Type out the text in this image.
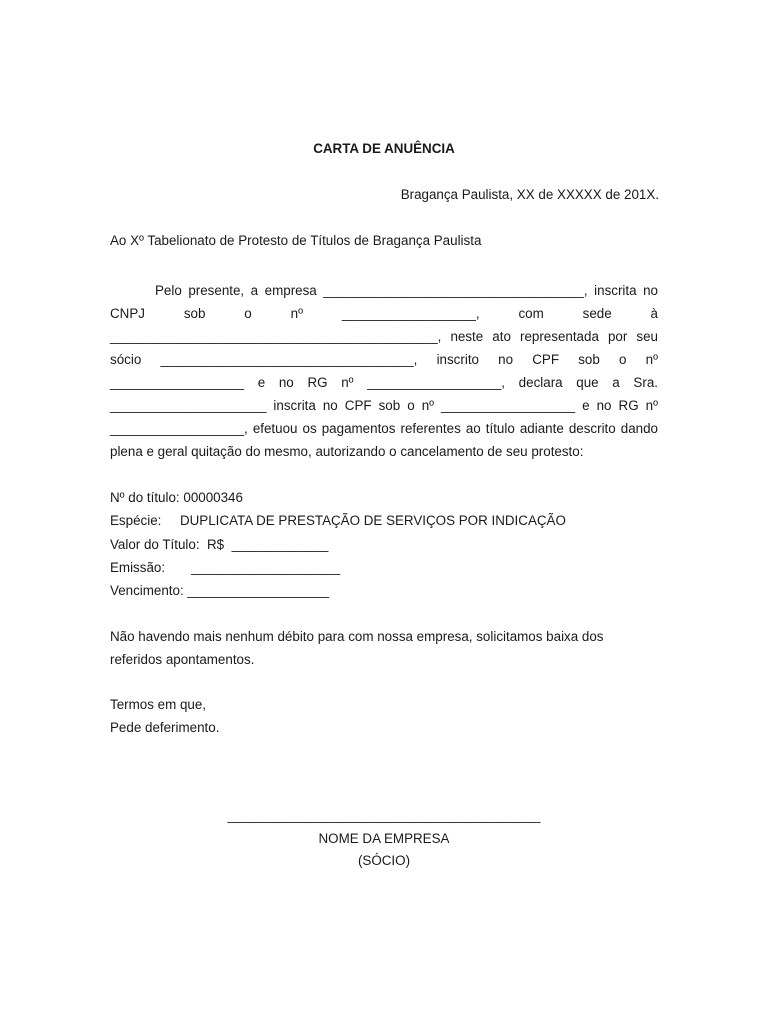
CARTA DE ANUÊNCIA
Bragança Paulista, XX de XXXXX de 201X.
Ao Xº Tabelionato de Protesto de Títulos de Bragança Paulista

Pelo presente, a empresa ___________________________________, inscrita no CNPJ sob o nº __________________, com sede à ____________________________________________, neste ato representada por seu sócio __________________________________, inscrito no CPF sob o nº __________________ e no RG nº __________________, declara que a Sra. _____________________ inscrita no CPF sob o nº __________________ e no RG nº __________________, efetuou os pagamentos referentes ao título adiante descrito dando plena e geral quitação do mesmo, autorizando o cancelamento de seu protesto:

Nº do título: 00000346
Espécie:     DUPLICATA DE PRESTAÇÃO DE SERVIÇOS POR INDICAÇÃO
Valor do Título:  R$  _____________
Emissão:       ____________________
Vencimento: ___________________
Não havendo mais nenhum débito para com nossa empresa, solicitamos baixa dos referidos apontamentos.
Termos em que,
Pede deferimento.
__________________________________________
NOME DA EMPRESA
(SÓCIO)
